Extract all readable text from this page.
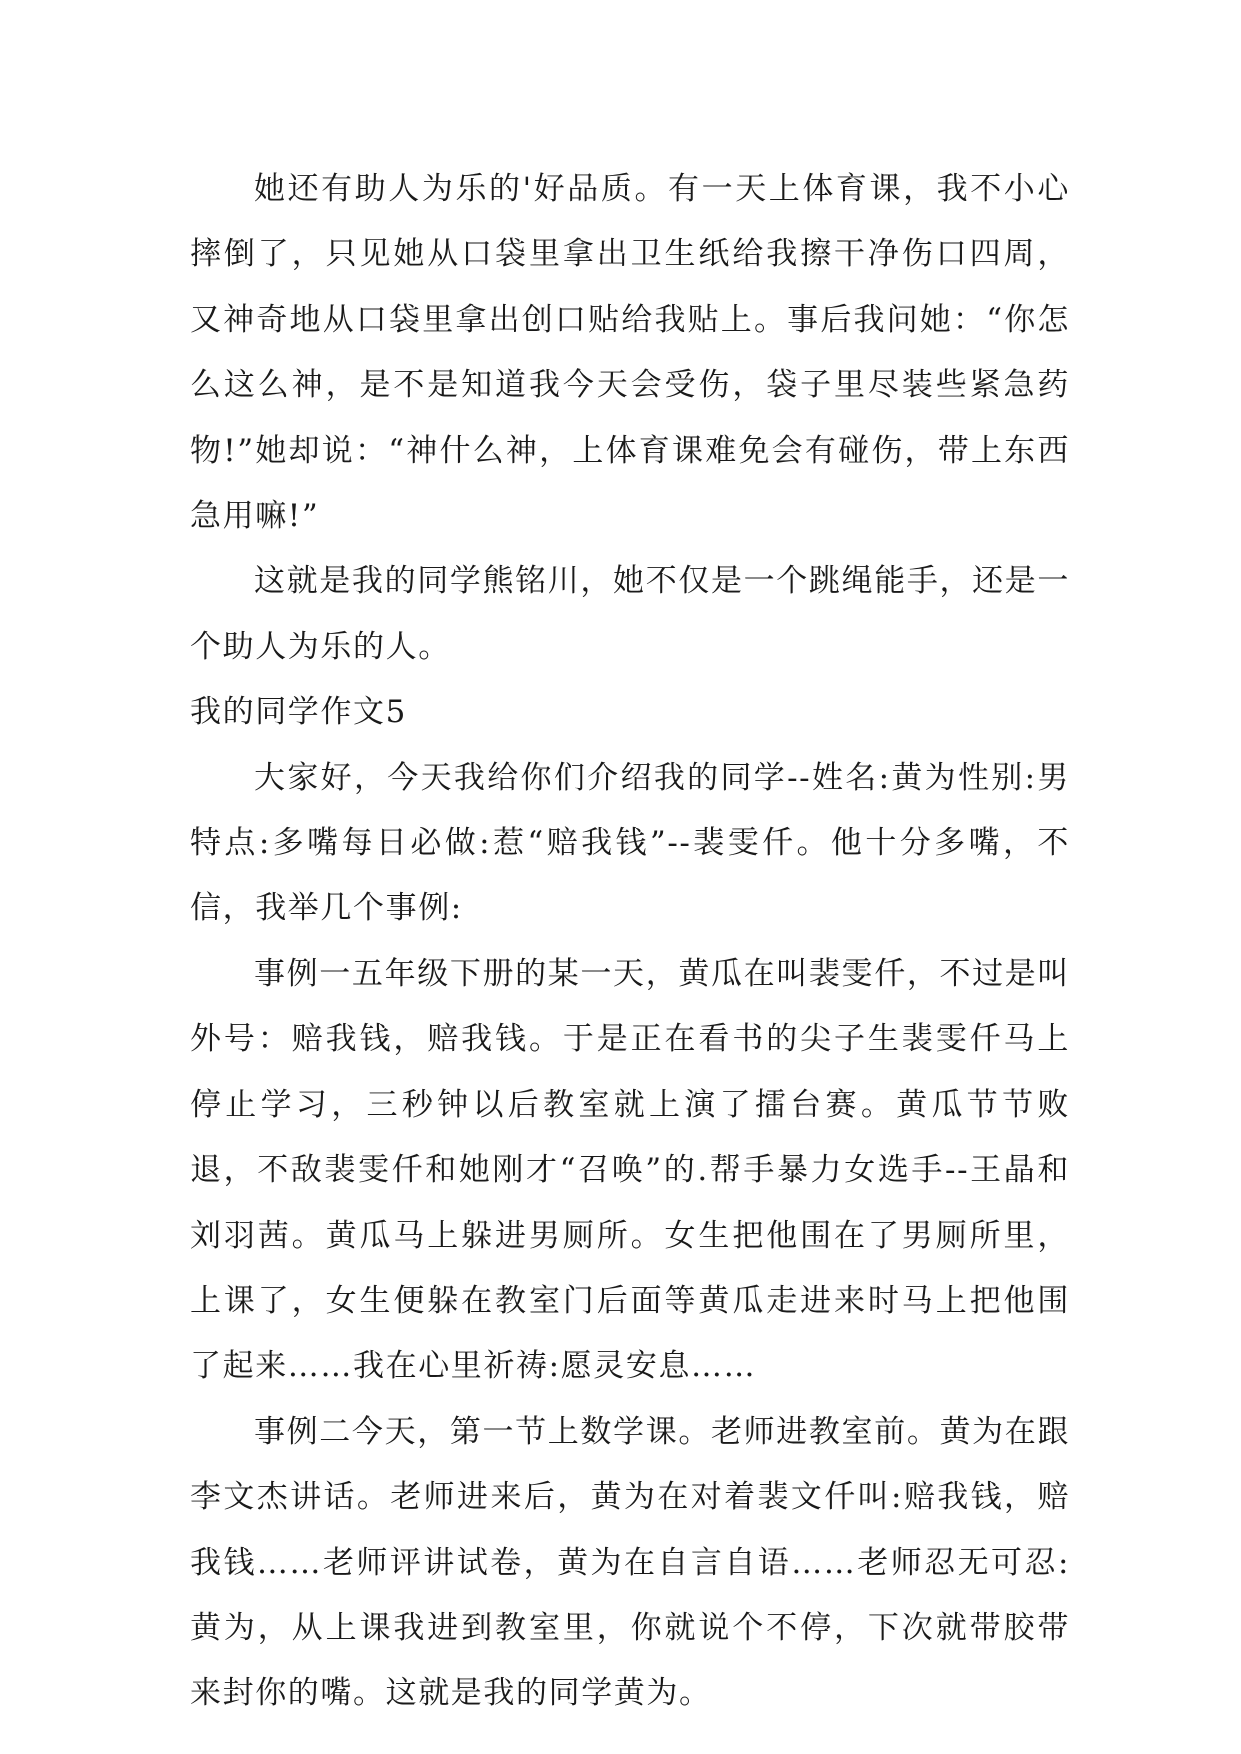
她还有助人为乐的'好品质。有一天上体育课，我不小心摔倒了，只见她从口袋里拿出卫生纸给我擦干净伤口四周，又神奇地从口袋里拿出创口贴给我贴上。事后我问她：“你怎么这么神，是不是知道我今天会受伤，袋子里尽装些紧急药物!”她却说：“神什么神，上体育课难免会有碰伤，带上东西急用嘛!”

这就是我的同学熊铭川，她不仅是一个跳绳能手，还是一个助人为乐的人。

我的同学作文5

大家好，今天我给你们介绍我的同学--姓名:黄为性别:男特点:多嘴每日必做:惹“赔我钱”--裴雯仟。他十分多嘴，不信，我举几个事例:

事例一五年级下册的某一天，黄瓜在叫裴雯仟，不过是叫外号：赔我钱，赔我钱。于是正在看书的尖子生裴雯仟马上停止学习，三秒钟以后教室就上演了擂台赛。黄瓜节节败退，不敌裴雯仟和她刚才“召唤”的.帮手暴力女选手--王晶和刘羽茜。黄瓜马上躲进男厕所。女生把他围在了男厕所里，上课了，女生便躲在教室门后面等黄瓜走进来时马上把他围了起来……我在心里祈祷:愿灵安息……

事例二今天，第一节上数学课。老师进教室前。黄为在跟李文杰讲话。老师进来后，黄为在对着裴文仟叫:赔我钱，赔我钱……老师评讲试卷，黄为在自言自语……老师忍无可忍:黄为，从上课我进到教室里，你就说个不停，下次就带胶带来封你的嘴。这就是我的同学黄为。
